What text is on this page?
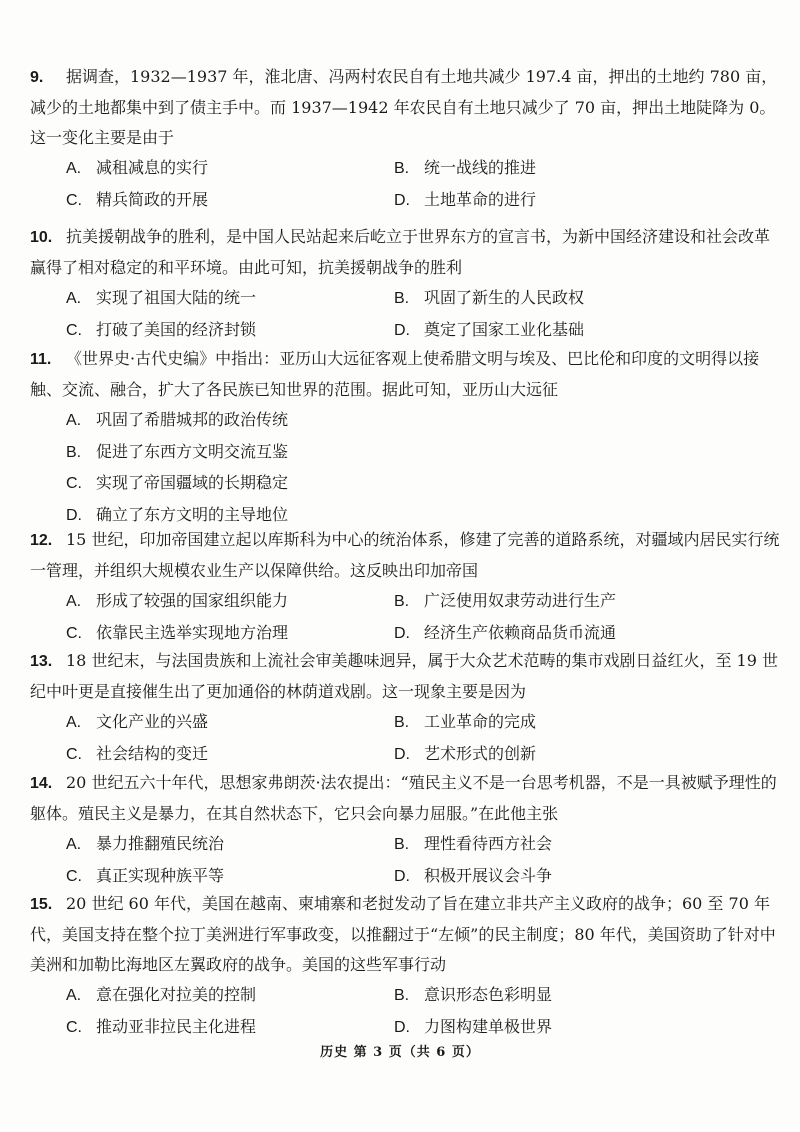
9. 据调查，1932—1937 年，淮北唐、冯两村农民自有土地共减少 197.4 亩，押出的土地约 780 亩，减少的土地都集中到了债主手中。而 1937—1942 年农民自有土地只减少了 70 亩，押出土地陡降为 0。这一变化主要是由于

A. 减租减息的实行	B. 统一战线的推进
C. 精兵简政的开展	D. 土地革命的进行

10. 抗美援朝战争的胜利，是中国人民站起来后屹立于世界东方的宣言书，为新中国经济建设和社会改革赢得了相对稳定的和平环境。由此可知，抗美援朝战争的胜利

A. 实现了祖国大陆的统一	B. 巩固了新生的人民政权
C. 打破了美国的经济封锁	D. 奠定了国家工业化基础

11. 《世界史·古代史编》中指出：亚历山大远征客观上使希腊文明与埃及、巴比伦和印度的文明得以接触、交流、融合，扩大了各民族已知世界的范围。据此可知，亚历山大远征

A. 巩固了希腊城邦的政治传统
B. 促进了东西方文明交流互鉴
C. 实现了帝国疆域的长期稳定
D. 确立了东方文明的主导地位

12. 15 世纪，印加帝国建立起以库斯科为中心的统治体系，修建了完善的道路系统，对疆域内居民实行统一管理，并组织大规模农业生产以保障供给。这反映出印加帝国

A. 形成了较强的国家组织能力	B. 广泛使用奴隶劳动进行生产
C. 依靠民主选举实现地方治理	D. 经济生产依赖商品货币流通

13. 18 世纪末，与法国贵族和上流社会审美趣味迥异，属于大众艺术范畴的集市戏剧日益红火，至 19 世纪中叶更是直接催生出了更加通俗的林荫道戏剧。这一现象主要是因为

A. 文化产业的兴盛	B. 工业革命的完成
C. 社会结构的变迁	D. 艺术形式的创新

14. 20 世纪五六十年代，思想家弗朗茨·法农提出：“殖民主义不是一台思考机器，不是一具被赋予理性的躯体。殖民主义是暴力，在其自然状态下，它只会向暴力屈服。”在此他主张

A. 暴力推翻殖民统治	B. 理性看待西方社会
C. 真正实现种族平等	D. 积极开展议会斗争

15. 20 世纪 60 年代，美国在越南、柬埔寨和老挝发动了旨在建立非共产主义政府的战争；60 至 70 年代，美国支持在整个拉丁美洲进行军事政变，以推翻过于“左倾”的民主制度；80 年代，美国资助了针对中美洲和加勒比海地区左翼政府的战争。美国的这些军事行动

A. 意在强化对拉美的控制	B. 意识形态色彩明显
C. 推动亚非拉民主化进程	D. 力图构建单极世界
历史 第 3 页（共 6 页）
